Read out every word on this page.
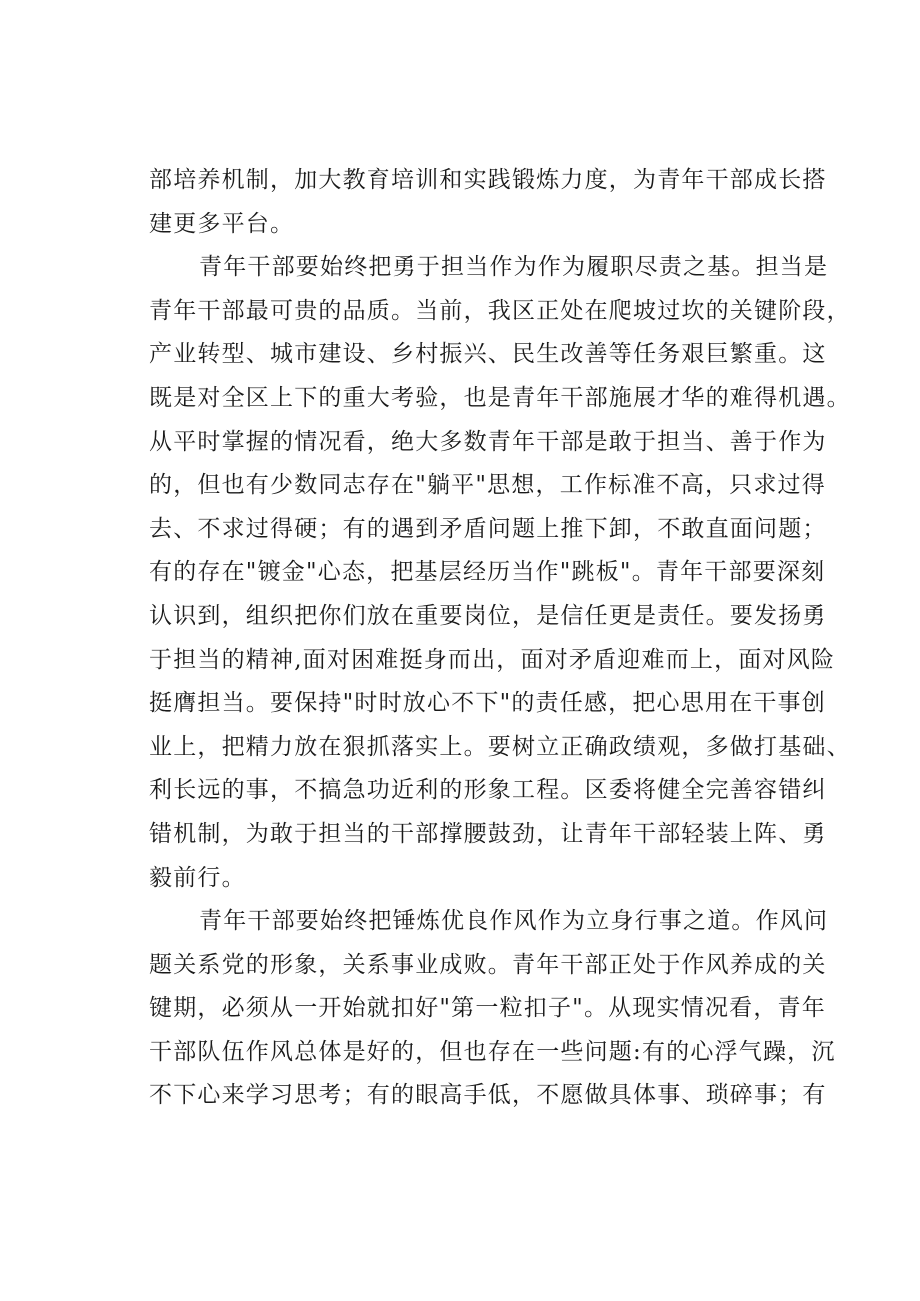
部培养机制，加大教育培训和实践锻炼力度，为青年干部成长搭
建更多平台。
青年干部要始终把勇于担当作为作为履职尽责之基。担当是
青年干部最可贵的品质。当前，我区正处在爬坡过坎的关键阶段，
产业转型、城市建设、乡村振兴、民生改善等任务艰巨繁重。这
既是对全区上下的重大考验，也是青年干部施展才华的难得机遇。
从平时掌握的情况看，绝大多数青年干部是敢于担当、善于作为
的，但也有少数同志存在"躺平"思想，工作标准不高，只求过得
去、不求过得硬；有的遇到矛盾问题上推下卸，不敢直面问题；
有的存在"镀金"心态，把基层经历当作"跳板"。青年干部要深刻
认识到，组织把你们放在重要岗位，是信任更是责任。要发扬勇
于担当的精神,面对困难挺身而出，面对矛盾迎难而上，面对风险
挺膺担当。要保持"时时放心不下"的责任感，把心思用在干事创
业上，把精力放在狠抓落实上。要树立正确政绩观，多做打基础、
利长远的事，不搞急功近利的形象工程。区委将健全完善容错纠
错机制，为敢于担当的干部撑腰鼓劲，让青年干部轻装上阵、勇
毅前行。
青年干部要始终把锤炼优良作风作为立身行事之道。作风问
题关系党的形象，关系事业成败。青年干部正处于作风养成的关
键期，必须从一开始就扣好"第一粒扣子"。从现实情况看，青年
干部队伍作风总体是好的，但也存在一些问题:有的心浮气躁，沉
不下心来学习思考；有的眼高手低，不愿做具体事、琐碎事；有
